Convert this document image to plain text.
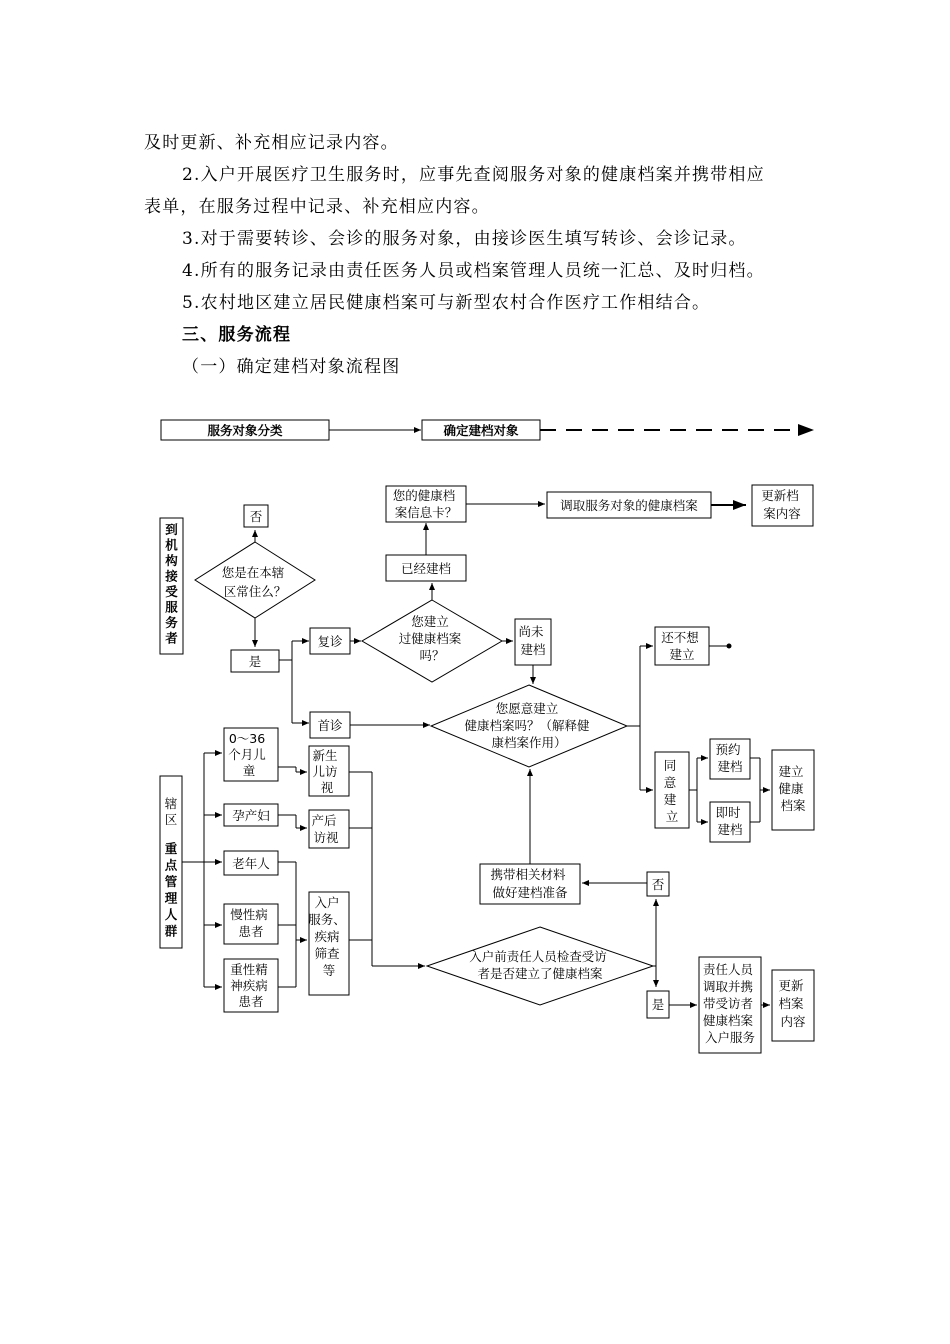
及时更新、补充相应记录内容。
2.入户开展医疗卫生服务时，应事先查阅服务对象的健康档案并携带相应
表单，在服务过程中记录、补充相应内容。
3.对于需要转诊、会诊的服务对象，由接诊医生填写转诊、会诊记录。
4.所有的服务记录由责任医务人员或档案管理人员统一汇总、及时归档。
5.农村地区建立居民健康档案可与新型农村合作医疗工作相结合。
三、服务流程
（一）确定建档对象流程图
服务对象分类	确定建档对象
到机构接受服务者
否
您是在本辖 区常住么？
是
复诊
您建立 过健康档案 吗？
已经建档
您的健康档 案信息卡？	调取服务对象的健康档案
更新档 案内容
尚未 建档
首诊
您愿意建立 健康档案吗？（解释健 康档案作用）
还不想 建立
同 意 建 立
预约 建档
即时 建档
建立 健康 档案
辖区
重点管理人群
0～36 个月儿 童
孕产妇
老年人
慢性病 患者
重性精 神疾病 患者
新生 儿访 视
产后 访视
入户 服务、 疾病 筛查 等
入户前责任人员检查受访 者是否建立了健康档案
否
携带相关材料 做好建档准备
是
责任人员 调取并携 带受访者 健康档案 入户服务
更新 档案 内容
